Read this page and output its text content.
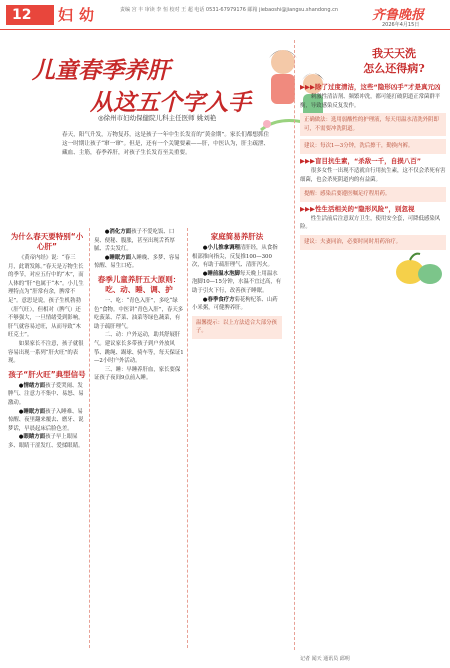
12	妇幼	责编 宫 丰 审读 李 恒 校对 王 超 电话 0531-67979176 邮箱 jiebaoshi@jiangsu.shandong.cn	齐鲁晚报
2026年4月15日
儿童春季养肝
从这五个字入手
◎徐州市妇幼保健院儿科主任医师 姚刘艳
春天，阳气升发，万物复苏，这是孩子一年中生长发育的“黄金期”。家长们都想抓住这一时期让孩子“窜一窜”。但是，还有一个关键要素——肝，中医认为，肝主疏泄、藏血、主筋，春季养肝，对孩子生长发育至关重要。
为什么春天要特别“小心肝”

《黄帝内经》说：“春三月，此谓发陈。”春天是万物生长的季节，对应五行中的“木”，而人体的“肝”也属于“木”。小儿生理特点为“肝常有余，脾常不足”。意思是说，孩子生机勃勃（肝气旺），但相对（脾气）还不够强大，一旦情绪受到影响，肝气就容易过旺，从而导致“木旺克土”。

如果家长不注意，孩子就很容易出现一系列“肝火旺”的表现。

孩子“肝火旺”典型信号

●情绪方面孩子爱哭闹、发脾气、注意力不集中、易怒、易激动。

●睡眠方面孩子入睡难、易惊醒、夜里翻来覆去、磨牙、说梦话，早晨起床后脸色差。

●眼睛方面孩子早上眼屎多、眼睛干涩发红、爱揉眼睛。

●消化方面孩子不爱吃饭、口臭、便秘、腹胀，甚至出现舌苔厚腻、舌尖发红。

●睡眠方面入睡晚、多梦、容易惊醒、易生口疮。

春季儿童养肝五大原则：吃、动、睡、调、护

一、吃：“青色入肝”，多吃“绿色”食物。中医讲“青色入肝”，春天多吃菠菜、芹菜、油菜等绿色蔬菜，有助于疏肝理气。

二、动：户外运动，助其舒展肝气。建议家长多带孩子到户外放风筝、跳绳、踢球、骑车等，每天保证1—2小时户外活动。

三、睡：早睡养肝血，家长要保证孩子夜间9点前入睡。

家庭简易养肝法

●小儿推拿调理清肝经，从食指根部推向指尖，反复推100—300次，有助于疏肝理气、清肝泻火。

●睡前温水泡脚每天晚上用温水泡脚10—15分钟，水温不宜过高，有助于引火下行，改善孩子睡眠。

●春季食疗方菊花枸杞茶、山药小米粥，可健脾养肝。

温馨提示：以上方法适合大部分孩子。
我天天洗
怎么还得病?
▶▶▶除了过度清洁，这些“隐形凶手”才是真元凶

刺激性清洁剂、频繁冲洗，都可能打破阴道正常菌群平衡，导致感染反复发作。

正确做法：选用弱酸性的护理液，每天用温水清洗外阴即可，不需要冲洗阴道。
建议：每次1—3分钟，洗后擦干，勤换内裤。
▶▶▶盲目抗生素，“杀敌一千，自损八百”

很多女性一出现不适就自行用抗生素，这不仅会杀死有害细菌，也会杀死阴道内的有益菌。

提醒：感染后要遵医嘱足疗程用药。
▶▶▶性生活相关的“隐形风险”，别忽视

性生活前后注意双方卫生，使用安全套，可降低感染风险。

建议：夫妻同治，必要时同时用药治疗。
记者 闻天 通讯员 邱明
